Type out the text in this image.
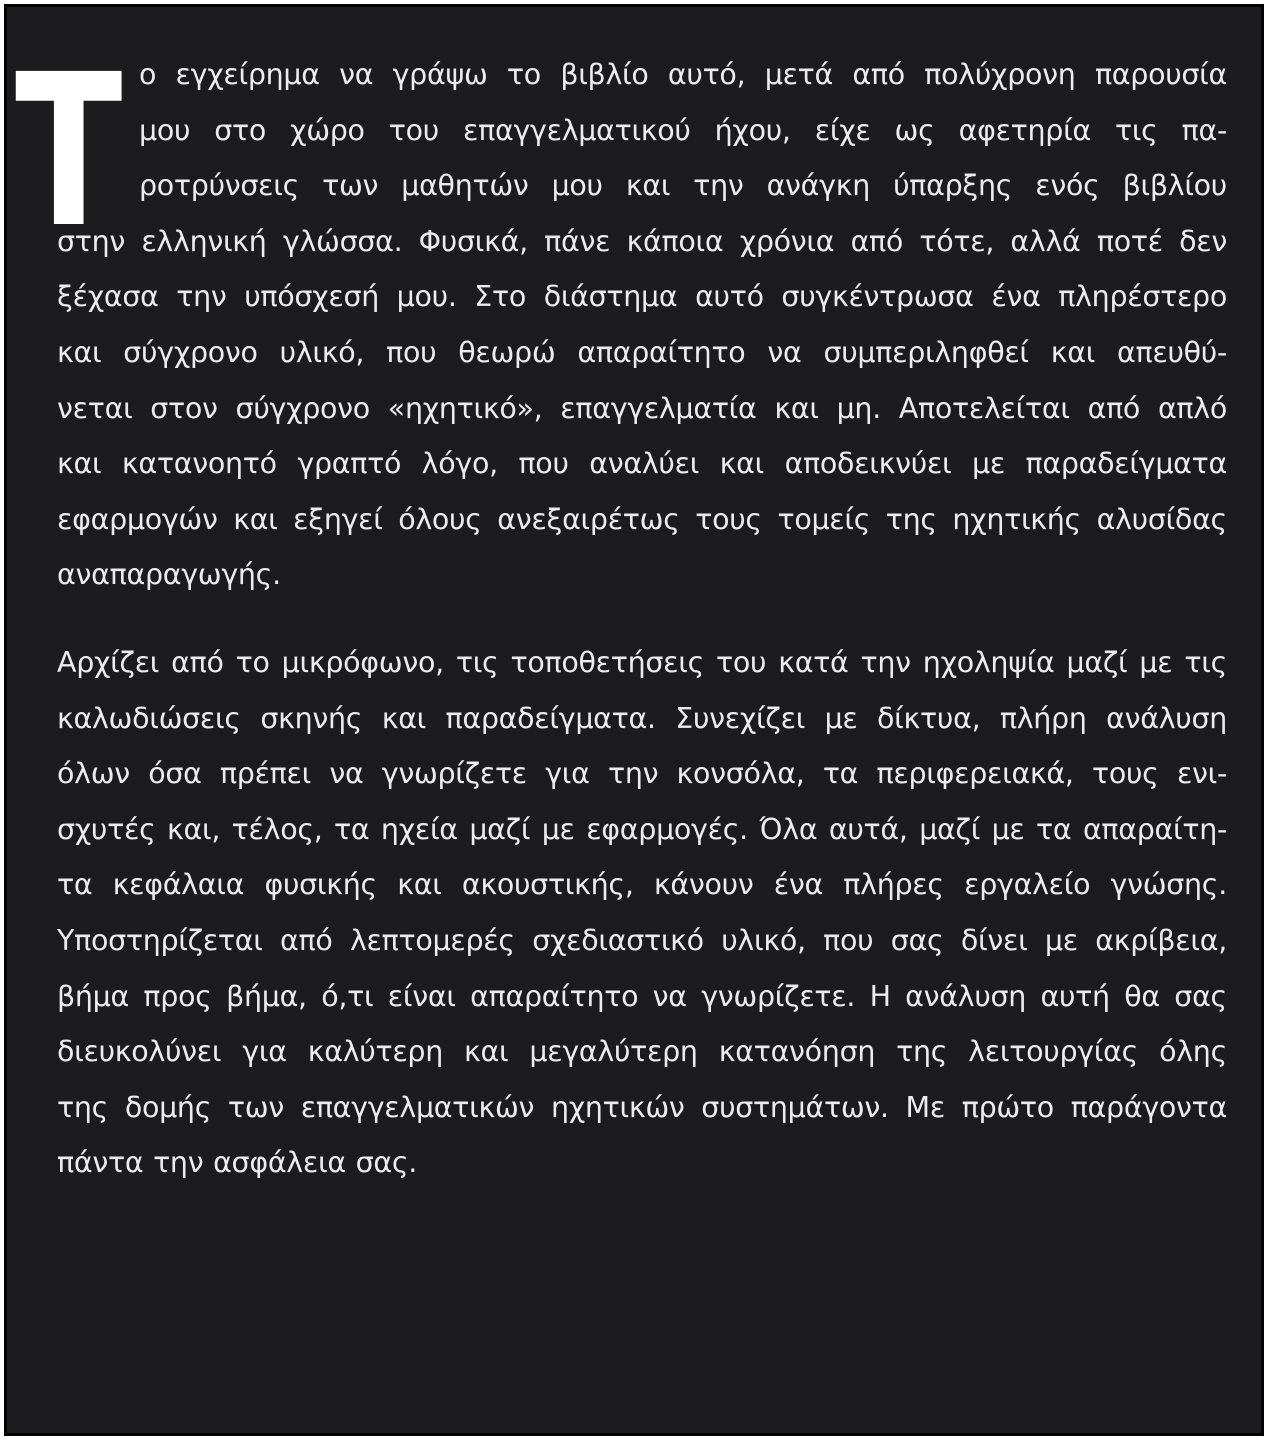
Τ ο εγχείρημα να γράψω το βιβλίο αυτό, μετά από πολύχρονη παρουσία
μου στο χώρο του επαγγελματικού ήχου, είχε ως αφετηρία τις πα-
ροτρύνσεις των μαθητών μου και την ανάγκη ύπαρξης ενός βιβλίου
στην ελληνική γλώσσα. Φυσικά, πάνε κάποια χρόνια από τότε, αλλά ποτέ δεν
ξέχασα την υπόσχεσή μου. Στο διάστημα αυτό συγκέντρωσα ένα πληρέστερο
και σύγχρονο υλικό, που θεωρώ απαραίτητο να συμπεριληφθεί και απευθύ-
νεται στον σύγχρονο «ηχητικό», επαγγελματία και μη. Αποτελείται από απλό
και κατανοητό γραπτό λόγο, που αναλύει και αποδεικνύει με παραδείγματα
εφαρμογών και εξηγεί όλους ανεξαιρέτως τους τομείς της ηχητικής αλυσίδας
αναπαραγωγής.

Αρχίζει από το μικρόφωνο, τις τοποθετήσεις του κατά την ηχοληψία μαζί με τις
καλωδιώσεις σκηνής και παραδείγματα. Συνεχίζει με δίκτυα, πλήρη ανάλυση
όλων όσα πρέπει να γνωρίζετε για την κονσόλα, τα περιφερειακά, τους ενι-
σχυτές και, τέλος, τα ηχεία μαζί με εφαρμογές. Όλα αυτά, μαζί με τα απαραίτη-
τα κεφάλαια φυσικής και ακουστικής, κάνουν ένα πλήρες εργαλείο γνώσης.
Υποστηρίζεται από λεπτομερές σχεδιαστικό υλικό, που σας δίνει με ακρίβεια,
βήμα προς βήμα, ό,τι είναι απαραίτητο να γνωρίζετε. Η ανάλυση αυτή θα σας
διευκολύνει για καλύτερη και μεγαλύτερη κατανόηση της λειτουργίας όλης
της δομής των επαγγελματικών ηχητικών συστημάτων. Με πρώτο παράγοντα
πάντα την ασφάλεια σας.
